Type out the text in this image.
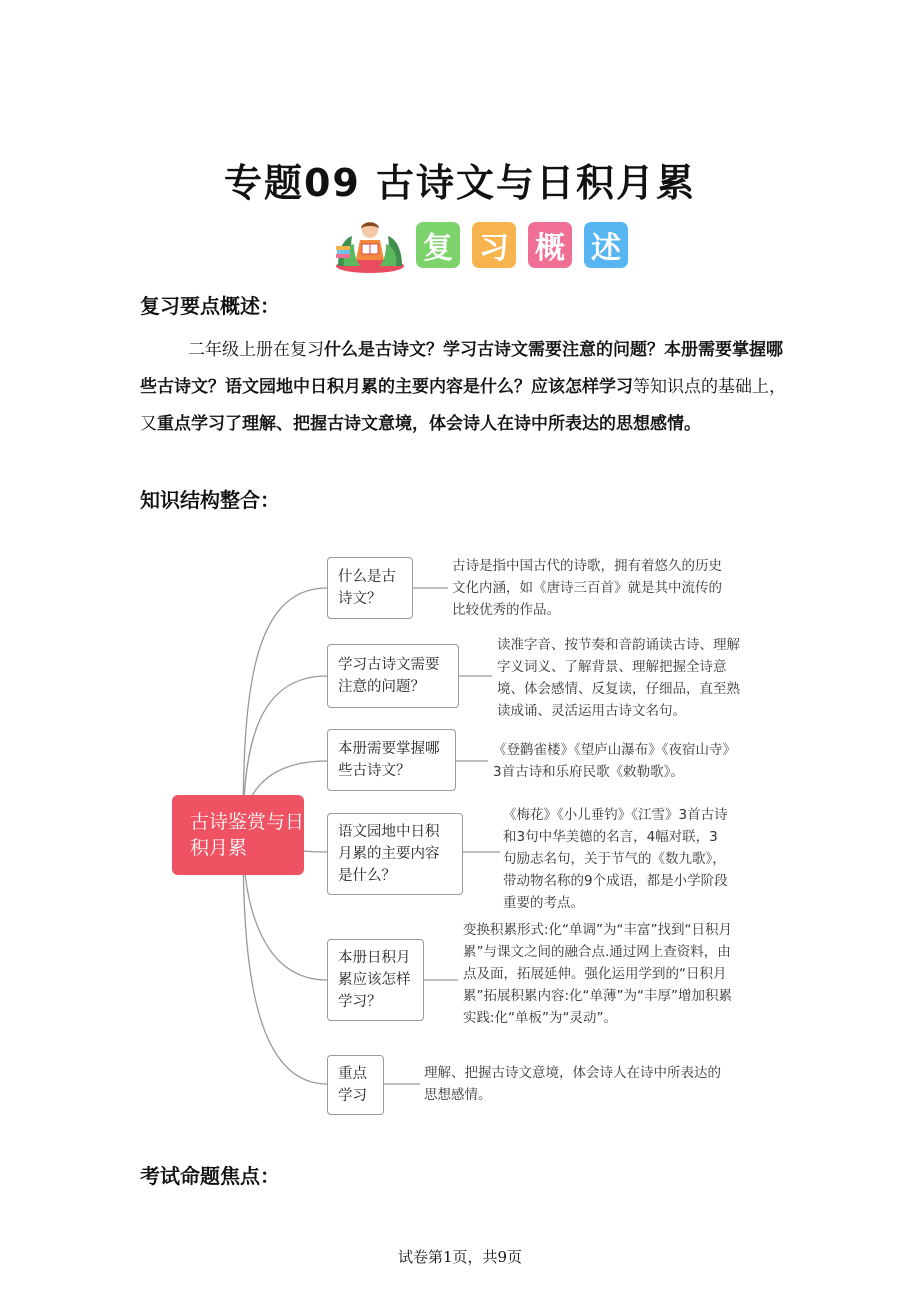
专题09 古诗文与日积月累
复 习 概 述
复习要点概述：
二年级上册在复习什么是古诗文？学习古诗文需要注意的问题？本册需要掌握哪些古诗文？语文园地中日积月累的主要内容是什么？应该怎样学习等知识点的基础上，又重点学习了理解、把握古诗文意境，体会诗人在诗中所表达的思想感情。
知识结构整合：
古诗鉴赏与日积月累
什么是古诗文？
古诗是指中国古代的诗歌，拥有着悠久的历史文化内涵，如《唐诗三百首》就是其中流传的比较优秀的作品。
学习古诗文需要注意的问题？
读准字音、按节奏和音韵诵读古诗、理解字义词义、了解背景、理解把握全诗意境、体会感情、反复读，仔细品，直至熟读成诵、灵活运用古诗文名句。
本册需要掌握哪些古诗文？
《登鹳雀楼》《望庐山瀑布》《夜宿山寺》3首古诗和乐府民歌《敕勒歌》。
语文园地中日积月累的主要内容是什么？
《梅花》《小儿垂钓》《江雪》3首古诗和3句中华美德的名言，4幅对联，3句励志名句，关于节气的《数九歌》，带动物名称的9个成语，都是小学阶段重要的考点。
本册日积月累应该怎样学习？
变换积累形式:化“单调”为“丰富”找到“日积月累”与课文之间的融合点.通过网上查资料，由点及面，拓展延伸。强化运用学到的“日积月累”拓展积累内容:化“单薄”为“丰厚”增加积累实践:化“单板”为“灵动”。
重点学习
理解、把握古诗文意境，体会诗人在诗中所表达的思想感情。
考试命题焦点：
试卷第1页，共9页
